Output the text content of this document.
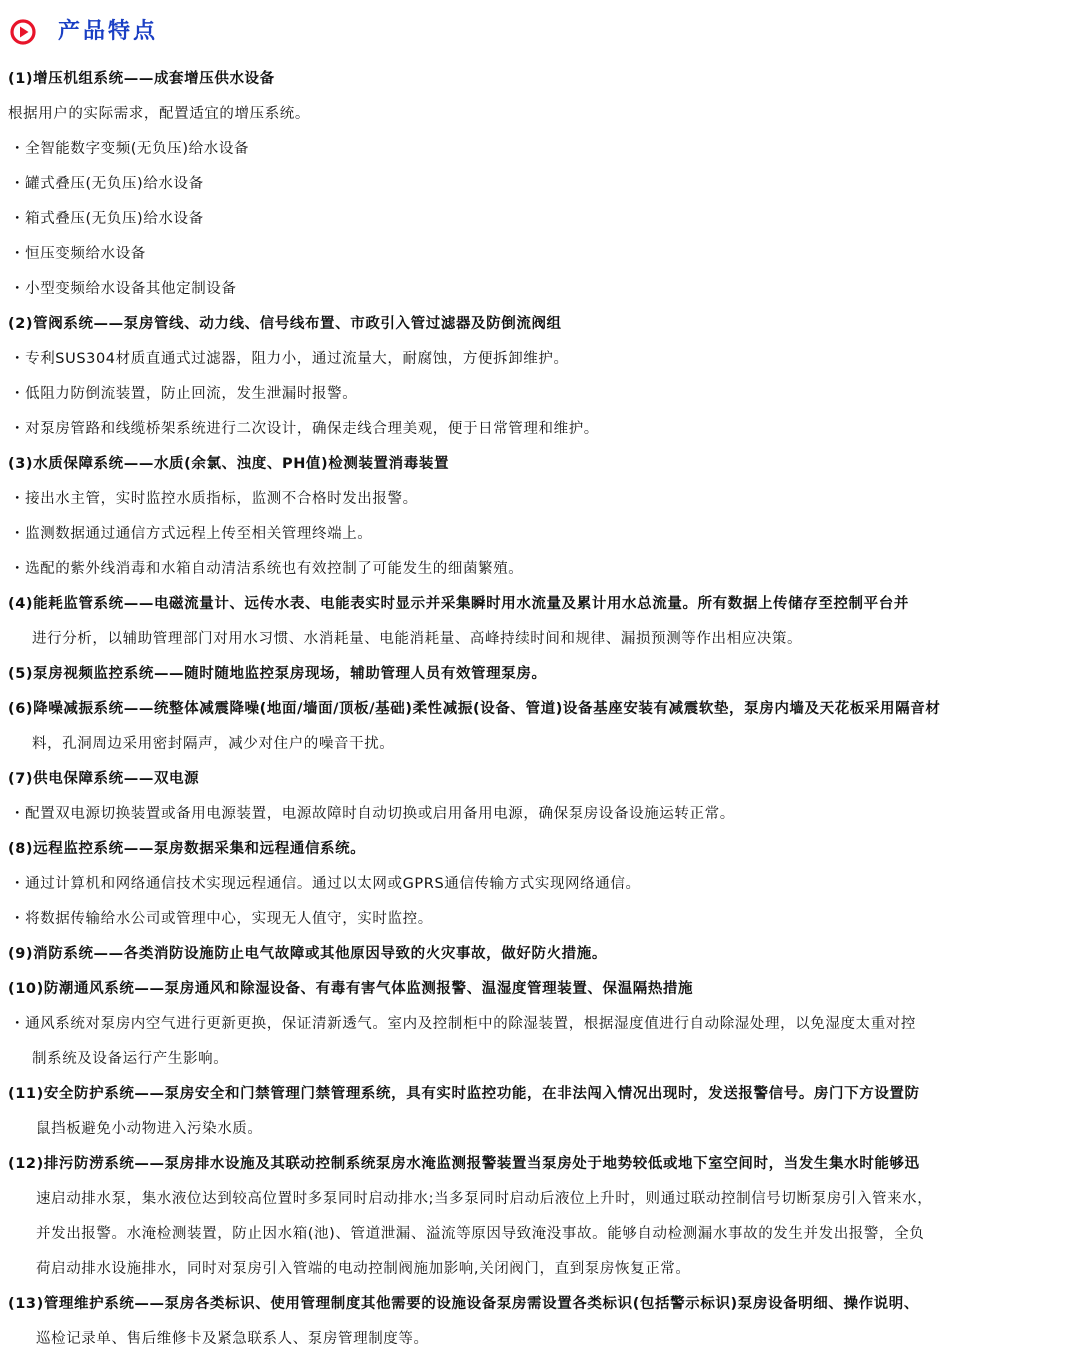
产品特点
(1)增压机组系统——成套增压供水设备
根据用户的实际需求，配置适宜的增压系统。
・全智能数字变频(无负压)给水设备
・罐式叠压(无负压)给水设备
・箱式叠压(无负压)给水设备
・恒压变频给水设备
・小型变频给水设备其他定制设备
(2)管阀系统——泵房管线、动力线、信号线布置、市政引入管过滤器及防倒流阀组
・专利SUS304材质直通式过滤器，阻力小，通过流量大，耐腐蚀，方便拆卸维护。
・低阻力防倒流装置，防止回流，发生泄漏时报警。
・对泵房管路和线缆桥架系统进行二次设计，确保走线合理美观，便于日常管理和维护。
(3)水质保障系统——水质(余氯、浊度、PH值)检测装置消毒装置
・接出水主管，实时监控水质指标，监测不合格时发出报警。
・监测数据通过通信方式远程上传至相关管理终端上。
・选配的紫外线消毒和水箱自动清洁系统也有效控制了可能发生的细菌繁殖。
(4)能耗监管系统——电磁流量计、远传水表、电能表实时显示并采集瞬时用水流量及累计用水总流量。所有数据上传储存至控制平台并
进行分析，以辅助管理部门对用水习惯、水消耗量、电能消耗量、高峰持续时间和规律、漏损预测等作出相应决策。
(5)泵房视频监控系统——随时随地监控泵房现场，辅助管理人员有效管理泵房。
(6)降噪减振系统——统整体减震降噪(地面/墙面/顶板/基础)柔性减振(设备、管道)设备基座安装有减震软垫，泵房内墙及天花板采用隔音材
料，孔洞周边采用密封隔声，减少对住户的噪音干扰。
(7)供电保障系统——双电源
・配置双电源切换装置或备用电源装置，电源故障时自动切换或启用备用电源，确保泵房设备设施运转正常。
(8)远程监控系统——泵房数据采集和远程通信系统。
・通过计算机和网络通信技术实现远程通信。通过以太网或GPRS通信传输方式实现网络通信。
・将数据传输给水公司或管理中心，实现无人值守，实时监控。
(9)消防系统——各类消防设施防止电气故障或其他原因导致的火灾事故，做好防火措施。
(10)防潮通风系统——泵房通风和除湿设备、有毒有害气体监测报警、温湿度管理装置、保温隔热措施
・通风系统对泵房内空气进行更新更换，保证清新透气。室内及控制柜中的除湿装置，根据湿度值进行自动除湿处理，以免湿度太重对控
制系统及设备运行产生影响。
(11)安全防护系统——泵房安全和门禁管理门禁管理系统，具有实时监控功能，在非法闯入情况出现时，发送报警信号。房门下方设置防
鼠挡板避免小动物进入污染水质。
(12)排污防涝系统——泵房排水设施及其联动控制系统泵房水淹监测报警装置当泵房处于地势较低或地下室空间时，当发生集水时能够迅
速启动排水泵，集水液位达到较高位置时多泵同时启动排水;当多泵同时启动后液位上升时，则通过联动控制信号切断泵房引入管来水，
并发出报警。水淹检测装置，防止因水箱(池)、管道泄漏、溢流等原因导致淹没事故。能够自动检测漏水事故的发生并发出报警，全负
荷启动排水设施排水，同时对泵房引入管端的电动控制阀施加影响,关闭阀门，直到泵房恢复正常。
(13)管理维护系统——泵房各类标识、使用管理制度其他需要的设施设备泵房需设置各类标识(包括警示标识)泵房设备明细、操作说明、
巡检记录单、售后维修卡及紧急联系人、泵房管理制度等。
